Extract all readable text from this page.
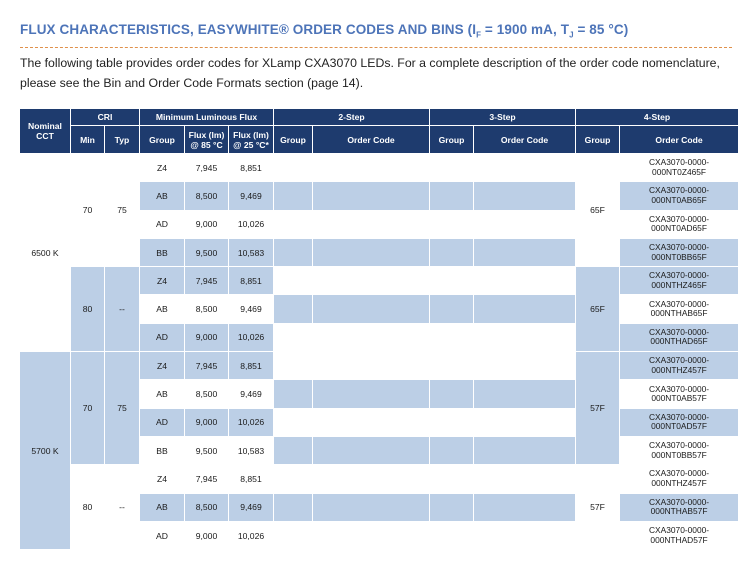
FLUX CHARACTERISTICS, EASYWHITE® ORDER CODES AND BINS ($I_F = 1900$ mA, $T_J = 85$ °C)

The following table provides order codes for XLamp CXA3070 LEDs. For a complete description of the order code nomenclature, please see the Bin and Order Code Formats section (page 14).

Nominal CCT	CRI		Minimum Luminous Flux			2-Step		3-Step		4-Step	
	Min	Typ	Group	Flux (lm)
@ 85 °C	Flux (lm)
@ 25 °C*	Group	Order Code	Group	Order Code	Group	Order Code
6500 K	70	75	Z4	7,945	8,851					65F	CXA3070-0000-
000NT0Z465F
			AB	8,500	9,469						CXA3070-0000-
000NT0AB65F
			AD	9,000	10,026						CXA3070-0000-
000NT0AD65F
			BB	9,500	10,583						CXA3070-0000-
000NT0BB65F
	80	--	Z4	7,945	8,851					65F	CXA3070-0000-
000NTHZ465F
			AB	8,500	9,469						CXA3070-0000-
000NTHAB65F
			AD	9,000	10,026						CXA3070-0000-
000NTHAD65F
5700 K	70	75	Z4	7,945	8,851					57F	CXA3070-0000-
000NTHZ457F
			AB	8,500	9,469						CXA3070-0000-
000NT0AB57F
			AD	9,000	10,026						CXA3070-0000-
000NT0AD57F
			BB	9,500	10,583						CXA3070-0000-
000NT0BB57F
	80	--	Z4	7,945	8,851					57F	CXA3070-0000-
000NTHZ457F
			AB	8,500	9,469						CXA3070-0000-
000NTHAB57F
			AD	9,000	10,026						CXA3070-0000-
000NTHAD57F
